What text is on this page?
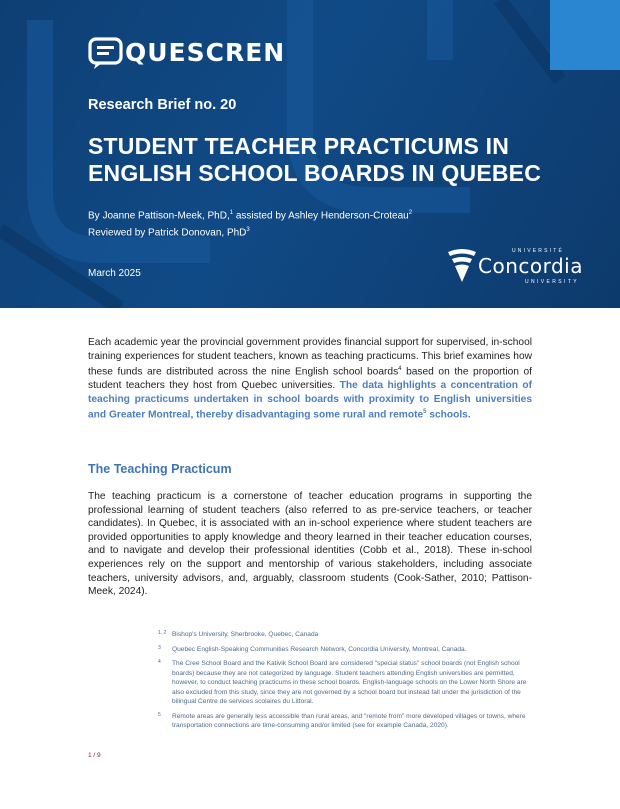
QUESCREN
Research Brief no. 20
STUDENT TEACHER PRACTICUMS IN
ENGLISH SCHOOL BOARDS IN QUEBEC
By Joanne Pattison-Meek, PhD,$^1$ assisted by Ashley Henderson-Croteau$^2$
Reviewed by Patrick Donovan, PhD$^3$
March 2025
UNIVERSITÉ
Concordia
UNIVERSITY

Each academic year the provincial government provides financial support for supervised, in-school training experiences for student teachers, known as teaching practicums. This brief examines how these funds are distributed across the nine English school boards$^4$ based on the proportion of student teachers they host from Quebec universities. The data highlights a concentration of teaching practicums undertaken in school boards with proximity to English universities and Greater Montreal, thereby disadvantaging some rural and remote$^5$ schools.

The Teaching Practicum

The teaching practicum is a cornerstone of teacher education programs in supporting the professional learning of student teachers (also referred to as pre-service teachers, or teacher candidates). In Quebec, it is associated with an in-school experience where student teachers are provided opportunities to apply knowledge and theory learned in their teacher education courses, and to navigate and develop their professional identities (Cobb et al., 2018). These in-school experiences rely on the support and mentorship of various stakeholders, including associate teachers, university advisors, and, arguably, classroom students (Cook-Sather, 2010; Pattison-Meek, 2024).

1, 2 Bishop's University, Sherbrooke, Quebec, Canada
3 Quebec English-Speaking Communities Research Network, Concordia University, Montreal, Canada.
4 The Cree School Board and the Kativik School Board are considered "special status" school boards (not English school boards) because they are not categorized by language. Student teachers attending English universities are permitted, however, to conduct teaching practicums in these school boards. English-language schools on the Lower North Shore are also excluded from this study, since they are not governed by a school board but instead fall under the jurisdiction of the bilingual Centre de services scolaires du Littoral.
5 Remote areas are generally less accessible than rural areas, and "remote from" more developed villages or towns, where transportation connections are time-consuming and/or limited (see for example Canada, 2020).
1 / 9
